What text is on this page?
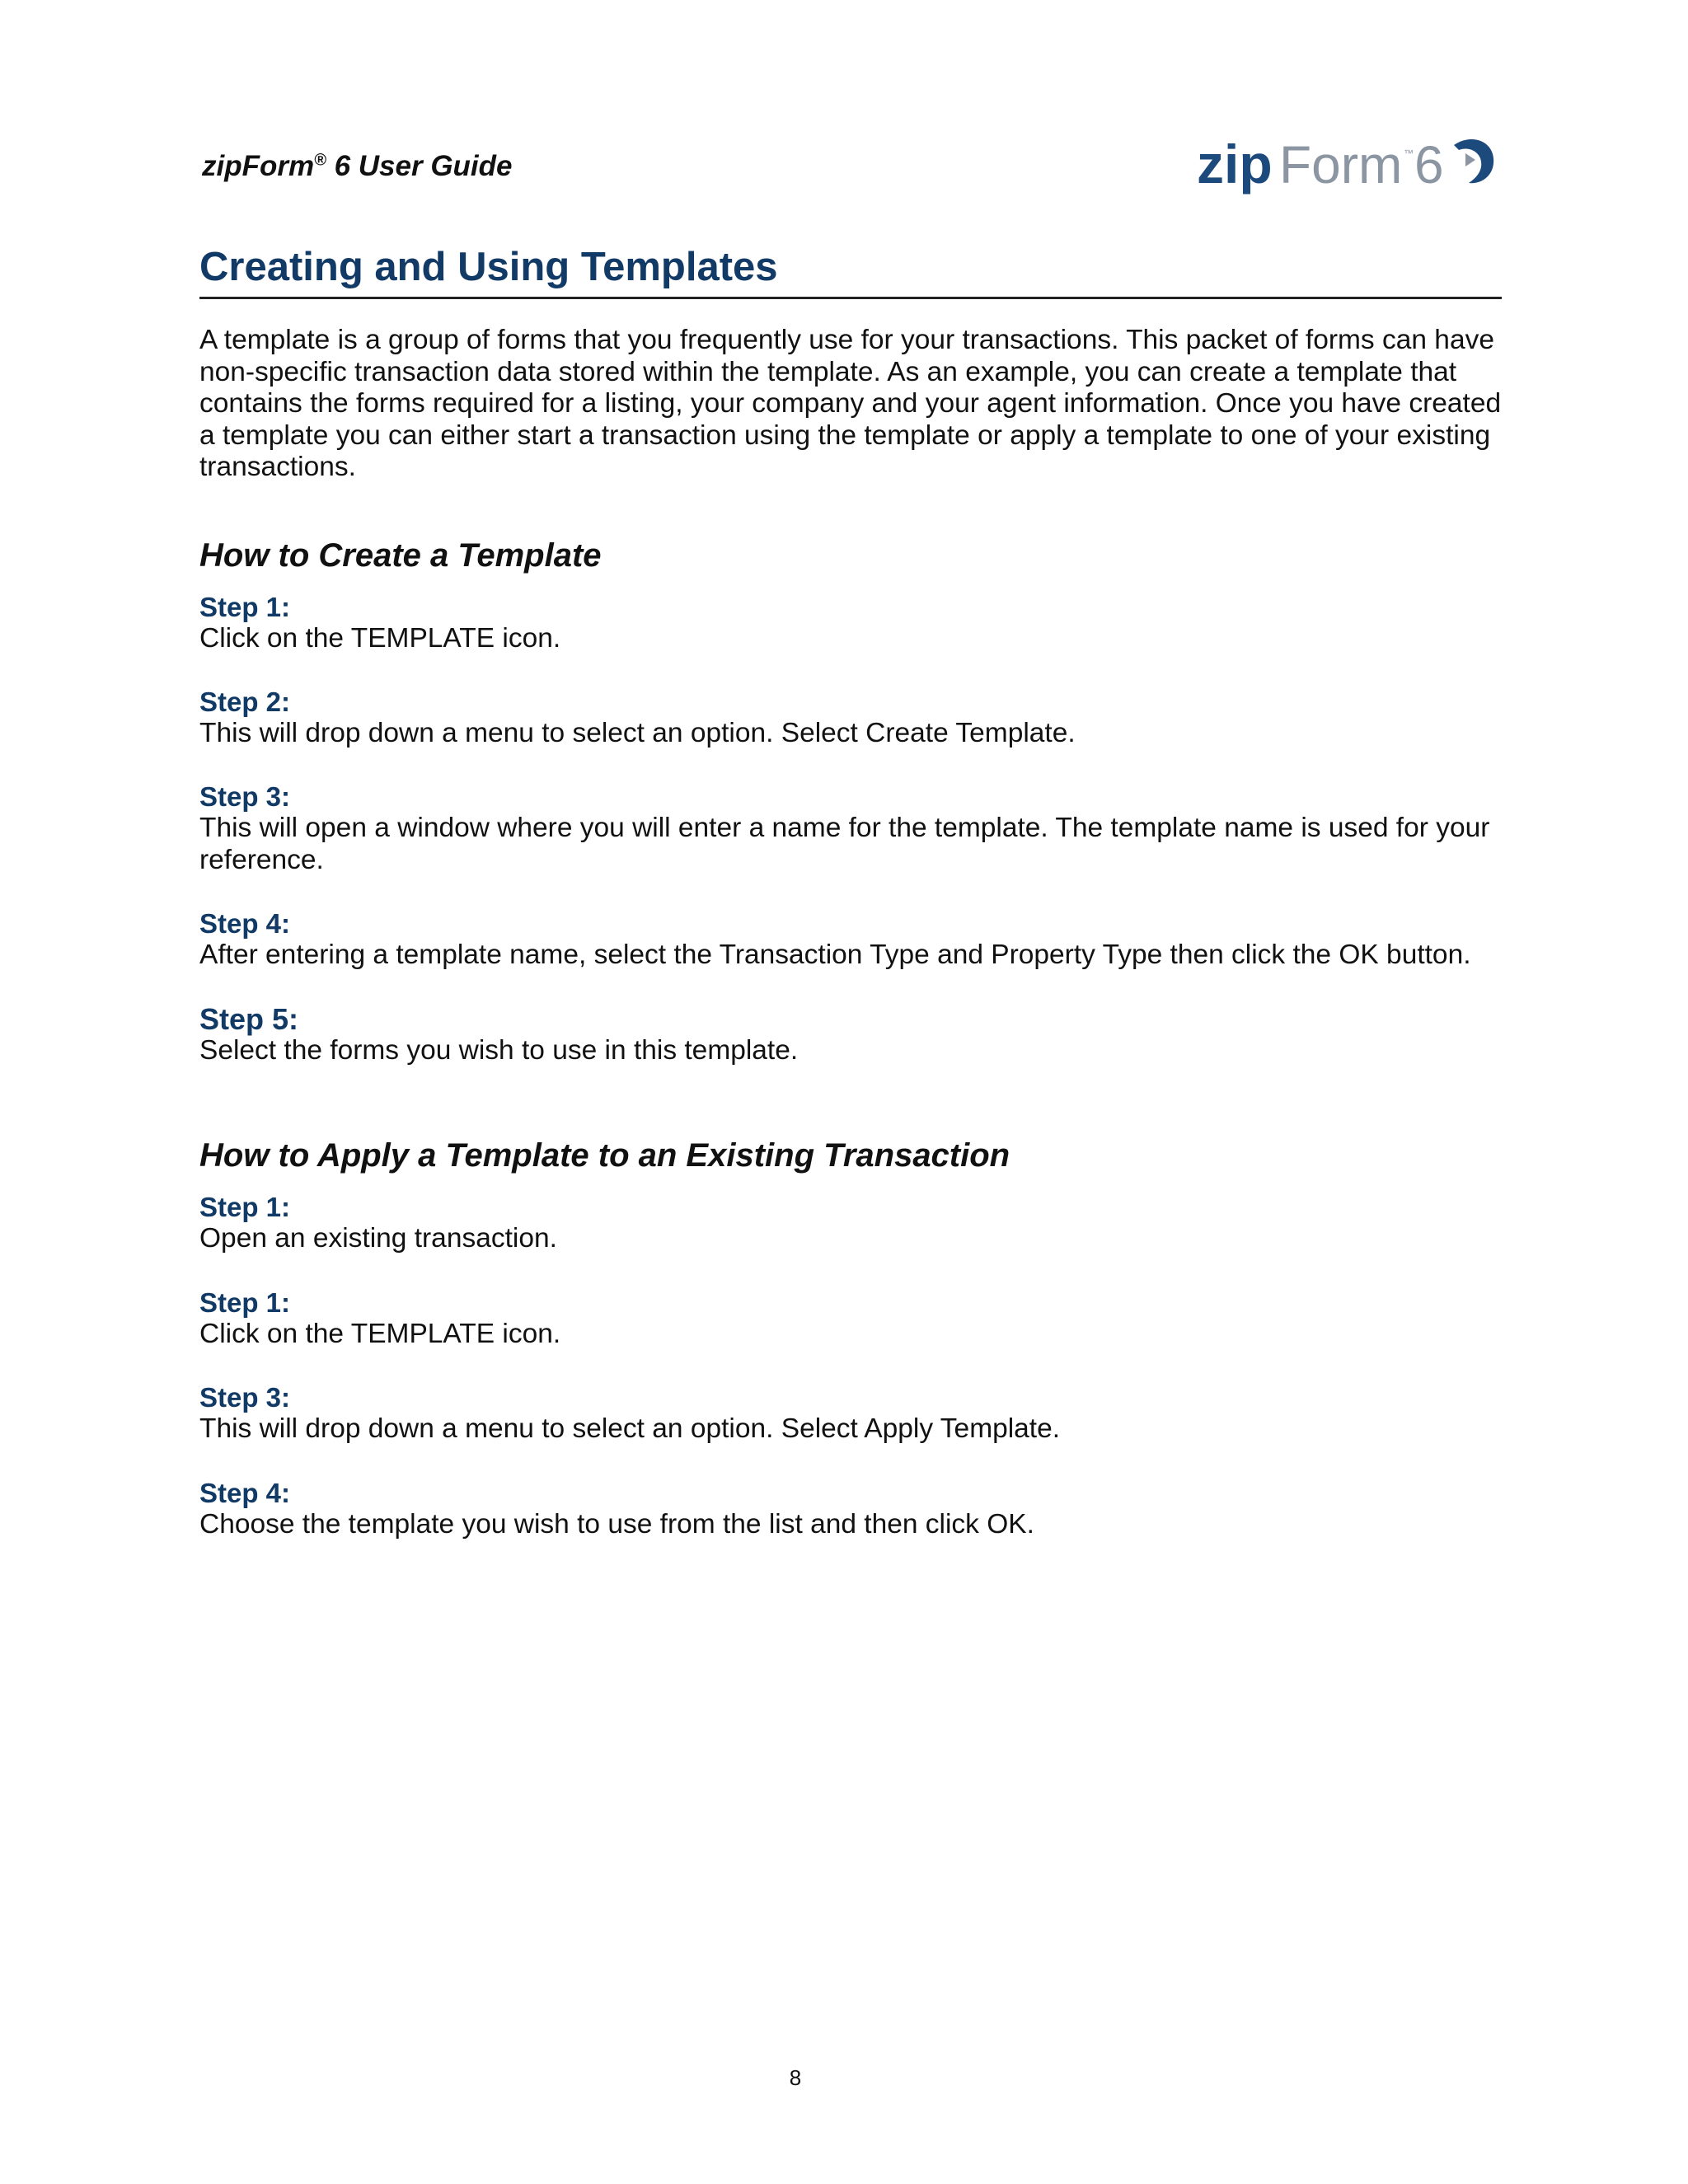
zipForm® 6 User Guide	zip Form ™ 6
Creating and Using Templates

A template is a group of forms that you frequently use for your transactions. This packet of forms can have non-specific transaction data stored within the template. As an example, you can create a template that contains the forms required for a listing, your company and your agent information. Once you have created a template you can either start a transaction using the template or apply a template to one of your existing transactions.

How to Create a Template
Step 1:
Click on the TEMPLATE icon.
Step 2:
This will drop down a menu to select an option. Select Create Template.
Step 3:
This will open a window where you will enter a name for the template. The template name is used for your reference.
Step 4:
After entering a template name, select the Transaction Type and Property Type then click the OK button.
Step 5:
Select the forms you wish to use in this template.
How to Apply a Template to an Existing Transaction
Step 1:
Open an existing transaction.
Step 1:
Click on the TEMPLATE icon.
Step 3:
This will drop down a menu to select an option. Select Apply Template.
Step 4:
Choose the template you wish to use from the list and then click OK.
8
